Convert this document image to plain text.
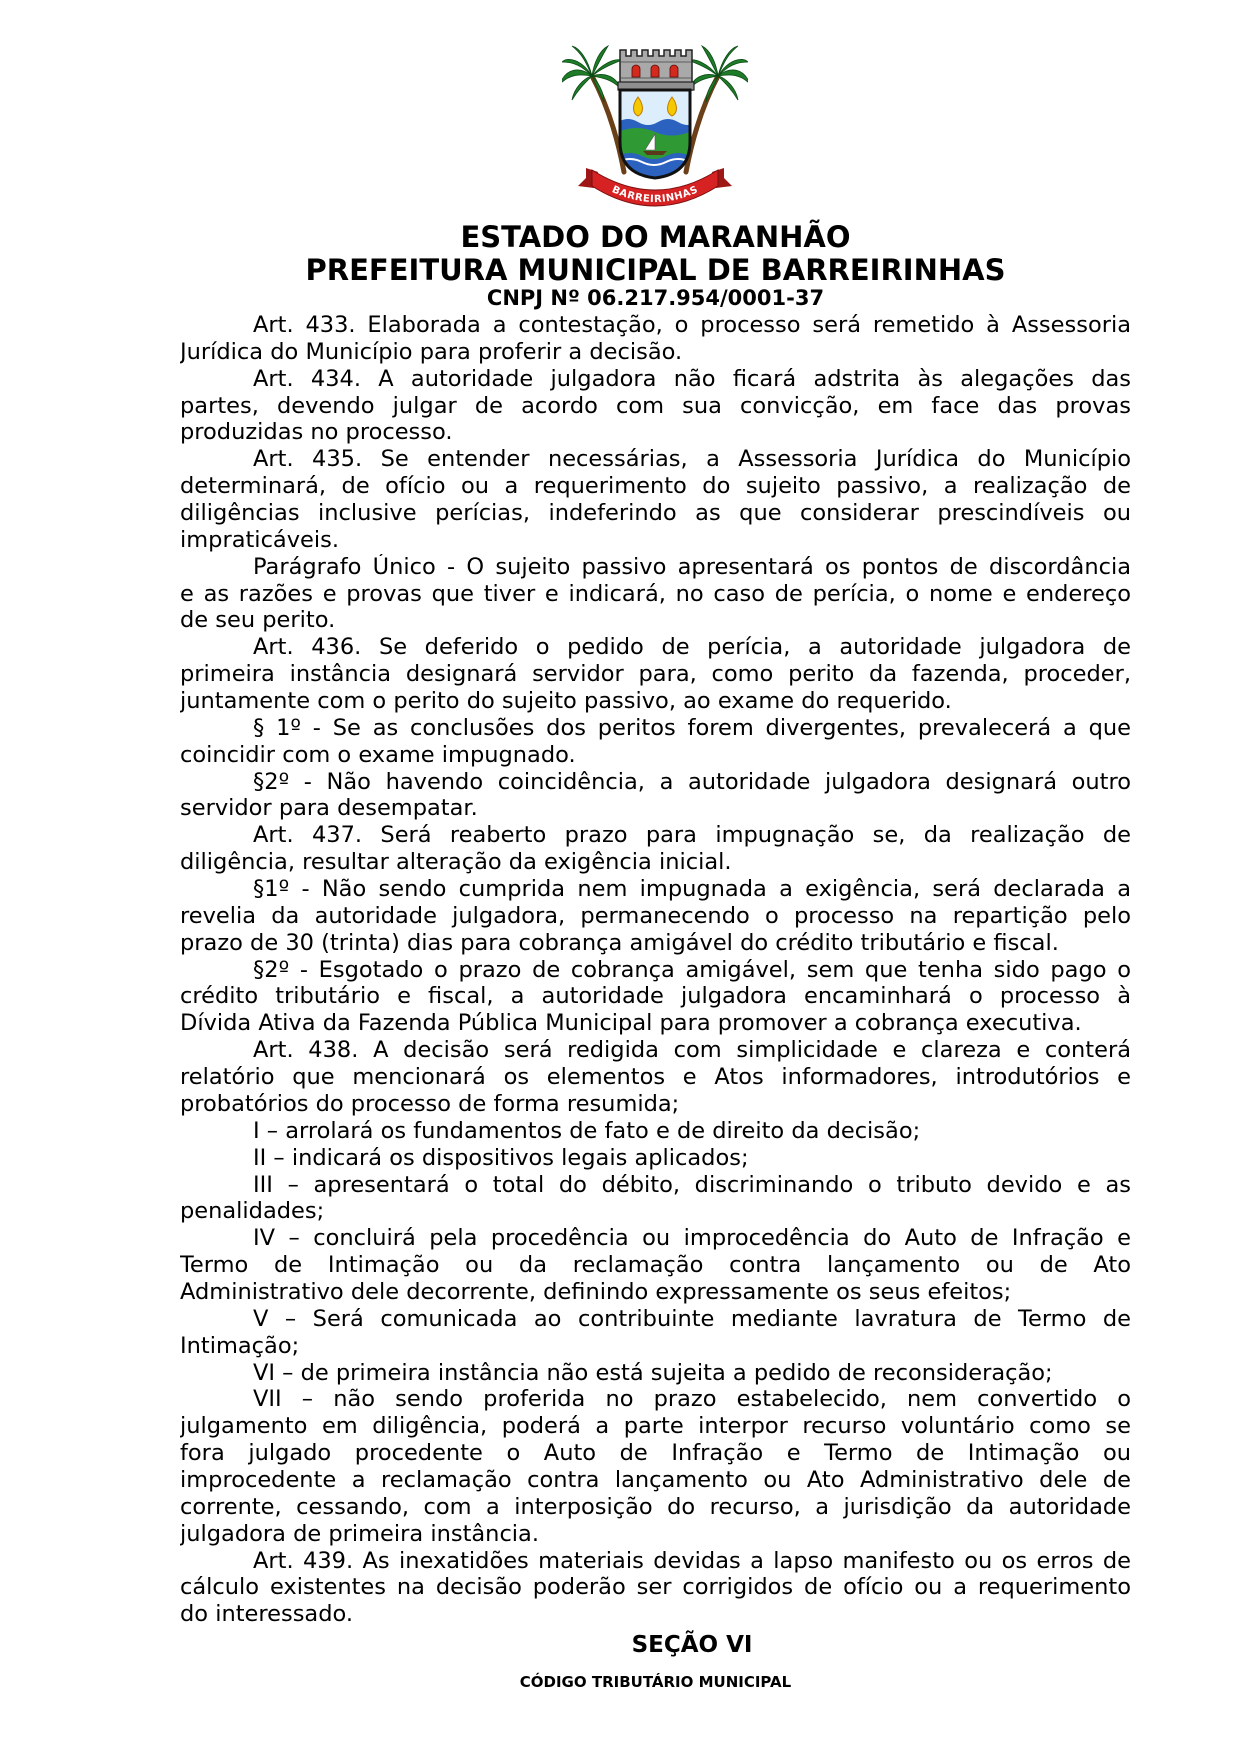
BARREIRINHAS
ESTADO DO MARANHÃO
PREFEITURA MUNICIPAL DE BARREIRINHAS
CNPJ Nº 06.217.954/0001-37
Art. 433. Elaborada a contestação, o processo será remetido à Assessoria
Jurídica do Município para proferir a decisão.
Art. 434. A autoridade julgadora não ficará adstrita às alegações das
partes, devendo julgar de acordo com sua convicção, em face das provas
produzidas no processo.
Art. 435. Se entender necessárias, a Assessoria Jurídica do Município
determinará, de ofício ou a requerimento do sujeito passivo, a realização de
diligências inclusive perícias, indeferindo as que considerar prescindíveis ou
impraticáveis.
Parágrafo Único - O sujeito passivo apresentará os pontos de discordância
e as razões e provas que tiver e indicará, no caso de perícia, o nome e endereço
de seu perito.
Art. 436. Se deferido o pedido de perícia, a autoridade julgadora de
primeira instância designará servidor para, como perito da fazenda, proceder,
juntamente com o perito do sujeito passivo, ao exame do requerido.
§ 1º - Se as conclusões dos peritos forem divergentes, prevalecerá a que
coincidir com o exame impugnado.
§2º - Não havendo coincidência, a autoridade julgadora designará outro
servidor para desempatar.
Art. 437. Será reaberto prazo para impugnação se, da realização de
diligência, resultar alteração da exigência inicial.
§1º - Não sendo cumprida nem impugnada a exigência, será declarada a
revelia da autoridade julgadora, permanecendo o processo na repartição pelo
prazo de 30 (trinta) dias para cobrança amigável do crédito tributário e fiscal.
§2º - Esgotado o prazo de cobrança amigável, sem que tenha sido pago o
crédito tributário e fiscal, a autoridade julgadora encaminhará o processo à
Dívida Ativa da Fazenda Pública Municipal para promover a cobrança executiva.
Art. 438. A decisão será redigida com simplicidade e clareza e conterá
relatório que mencionará os elementos e Atos informadores, introdutórios e
probatórios do processo de forma resumida;
I – arrolará os fundamentos de fato e de direito da decisão;
II – indicará os dispositivos legais aplicados;
III – apresentará o total do débito, discriminando o tributo devido e as
penalidades;
IV – concluirá pela procedência ou improcedência do Auto de Infração e
Termo de Intimação ou da reclamação contra lançamento ou de Ato
Administrativo dele decorrente, definindo expressamente os seus efeitos;
V – Será comunicada ao contribuinte mediante lavratura de Termo de
Intimação;
VI – de primeira instância não está sujeita a pedido de reconsideração;
VII – não sendo proferida no prazo estabelecido, nem convertido o
julgamento em diligência, poderá a parte interpor recurso voluntário como se
fora julgado procedente o Auto de Infração e Termo de Intimação ou
improcedente a reclamação contra lançamento ou Ato Administrativo dele de
corrente, cessando, com a interposição do recurso, a jurisdição da autoridade
julgadora de primeira instância.
Art. 439. As inexatidões materiais devidas a lapso manifesto ou os erros de
cálculo existentes na decisão poderão ser corrigidos de ofício ou a requerimento
do interessado.
SEÇÃO VI
CÓDIGO TRIBUTÁRIO MUNICIPAL
